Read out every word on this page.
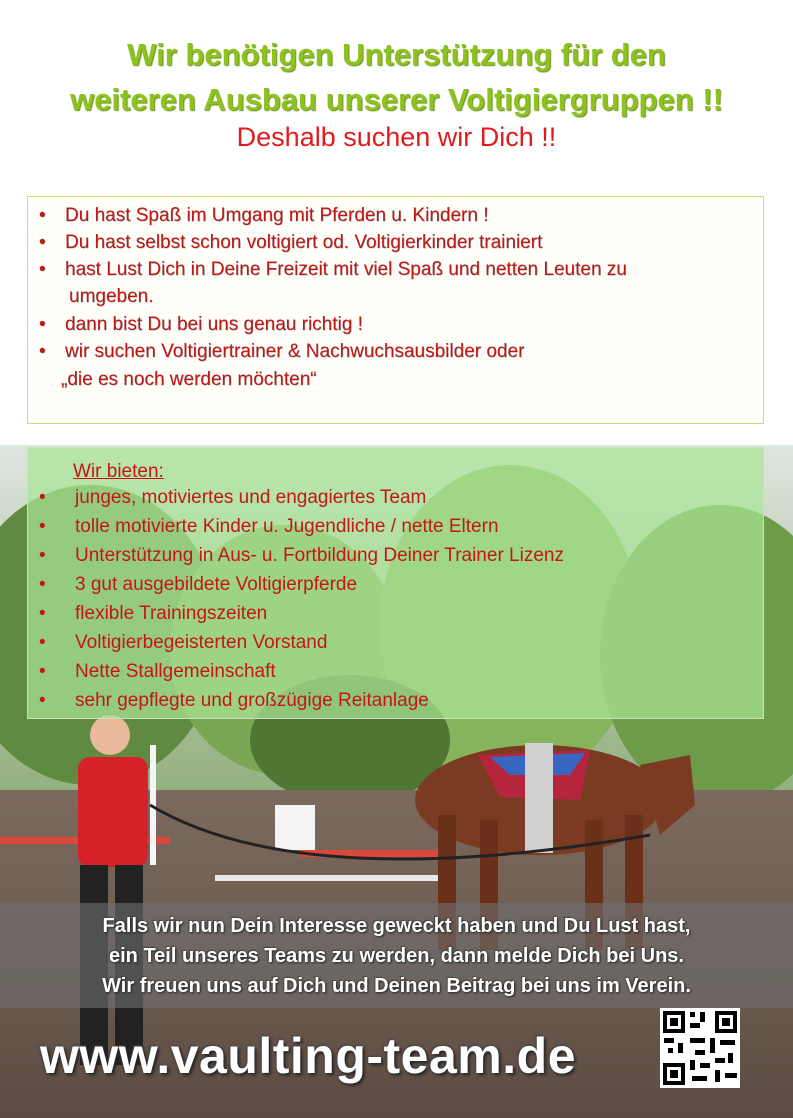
Wir benötigen Unterstützung für den
weiteren Ausbau unserer Voltigiergruppen !!
Deshalb suchen wir Dich !!
• Du hast Spaß im Umgang mit Pferden u. Kindern !
• Du hast selbst schon voltigiert od. Voltigierkinder trainiert
• hast Lust Dich in Deine Freizeit mit viel Spaß und netten Leuten zu
umgeben.
• dann bist Du bei uns genau richtig !
• wir suchen Voltigiertrainer & Nachwuchsausbilder oder
„die es noch werden möchten“
Wir bieten:
• junges, motiviertes und engagiertes Team
• tolle motivierte Kinder u. Jugendliche / nette Eltern
• Unterstützung in Aus- u. Fortbildung Deiner Trainer Lizenz
• 3 gut ausgebildete Voltigierpferde
• flexible Trainingszeiten
• Voltigierbegeisterten Vorstand
• Nette Stallgemeinschaft
• sehr gepflegte und großzügige Reitanlage
Falls wir nun Dein Interesse geweckt haben und Du Lust hast,
ein Teil unseres Teams zu werden, dann melde Dich bei Uns.
Wir freuen uns auf Dich und Deinen Beitrag bei uns im Verein.
www.vaulting-team.de
